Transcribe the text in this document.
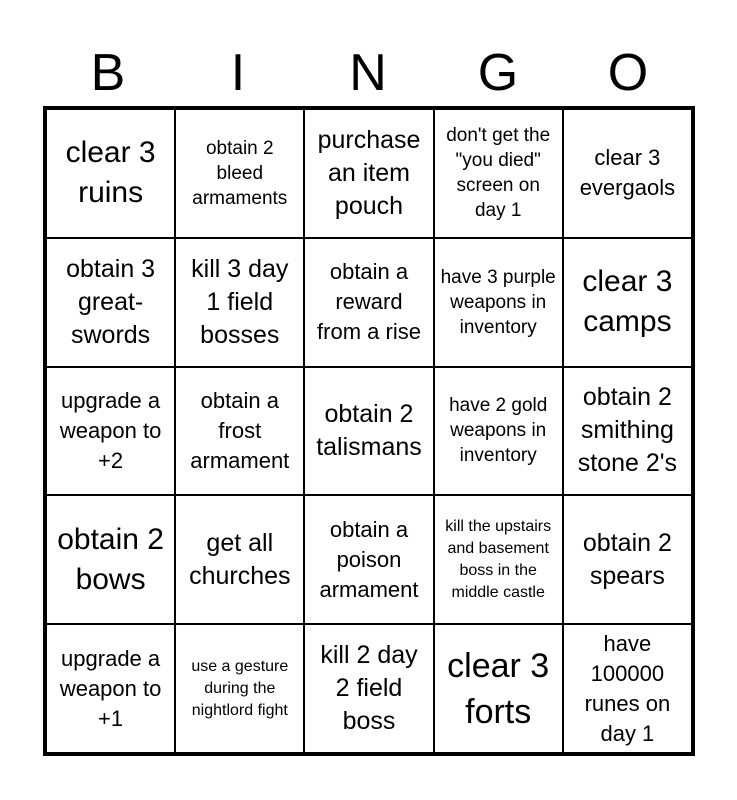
B	I	N	G	O
clear 3 ruins
obtain 2 bleed armaments
purchase an item pouch
don't get the "you died" screen on day 1
clear 3 evergaols
obtain 3 great-swords
kill 3 day 1 field bosses
obtain a reward from a rise
have 3 purple weapons in inventory
clear 3 camps
upgrade a weapon to +2
obtain a frost armament
obtain 2 talismans
have 2 gold weapons in inventory
obtain 2 smithing stone 2's
obtain 2 bows
get all churches
obtain a poison armament
kill the upstairs and basement boss in the middle castle
obtain 2 spears
upgrade a weapon to +1
use a gesture during the nightlord fight
kill 2 day 2 field boss
clear 3 forts
have 100000 runes on day 1
